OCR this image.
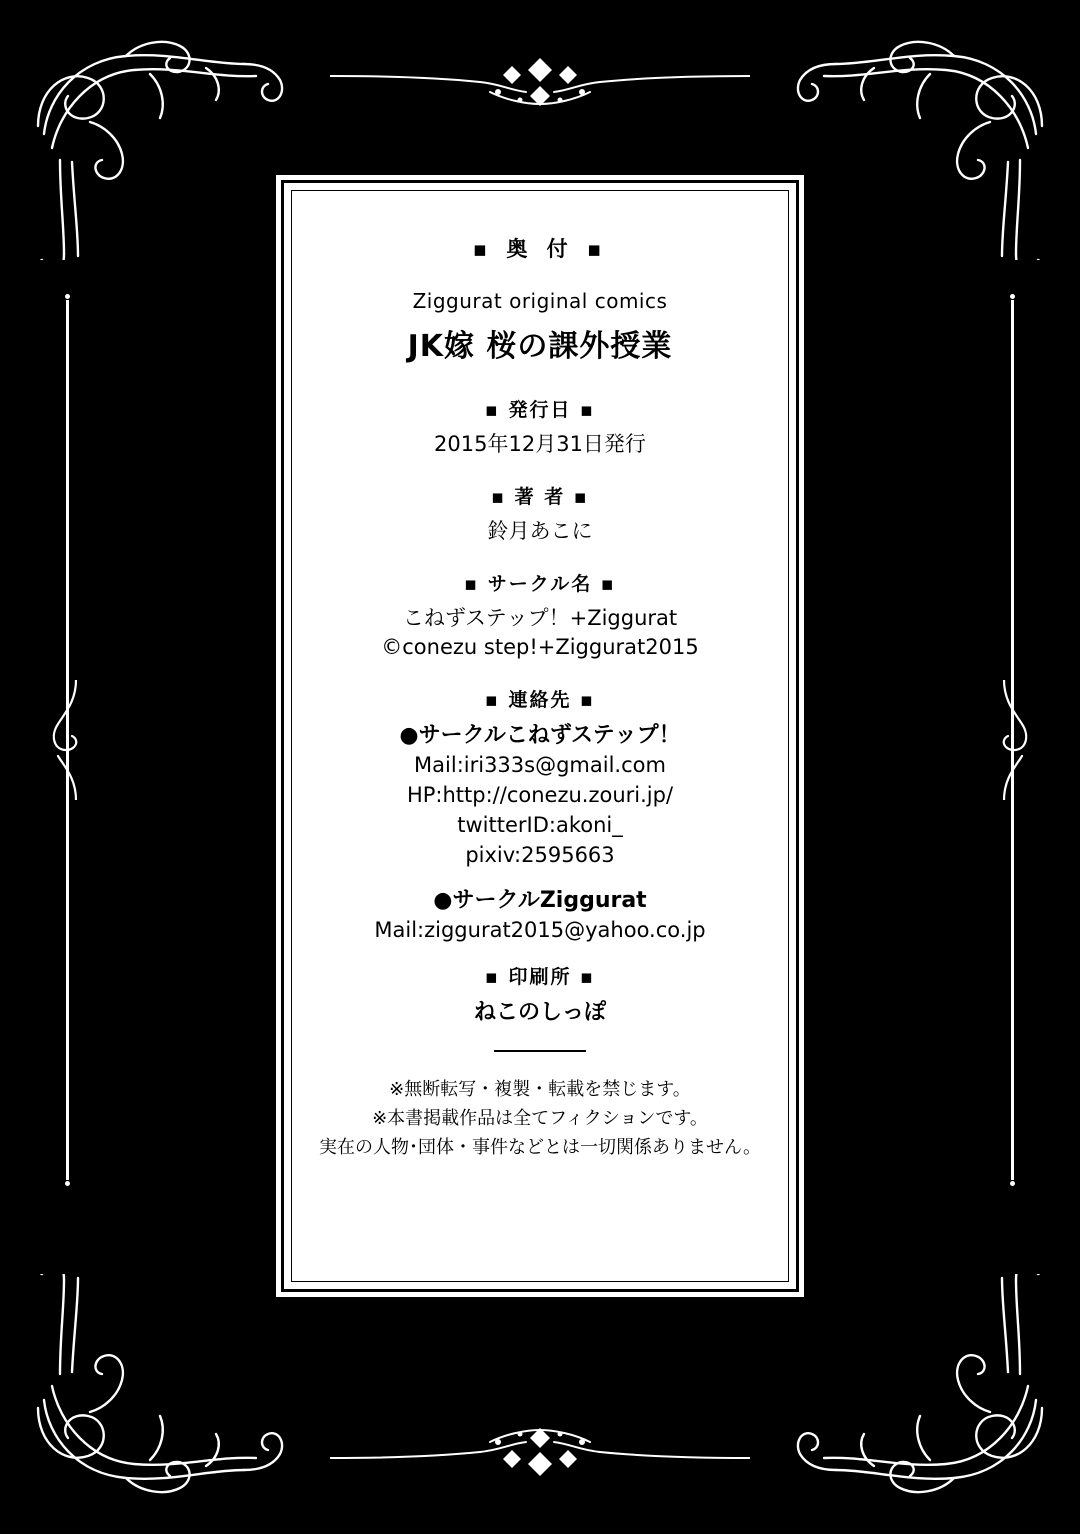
▪ 奥 付 ▪
Ziggurat original comics
JK嫁 桜の課外授業
▪ 発行日 ▪
2015年12月31日発行
▪ 著 者 ▪
鈴月あこに
▪ サークル名 ▪
こねずステップ！+Ziggurat
©conezu step!+Ziggurat2015
▪ 連絡先 ▪
●サークルこねずステップ！
Mail:iri333s@gmail.com
HP:http://conezu.zouri.jp/
twitterID:akoni_
pixiv:2595663
●サークルZiggurat
Mail:ziggurat2015@yahoo.co.jp
▪ 印刷所 ▪
ねこのしっぽ
※無断転写・複製・転載を禁じます。
※本書掲載作品は全てフィクションです。
実在の人物･団体・事件などとは一切関係ありません。
